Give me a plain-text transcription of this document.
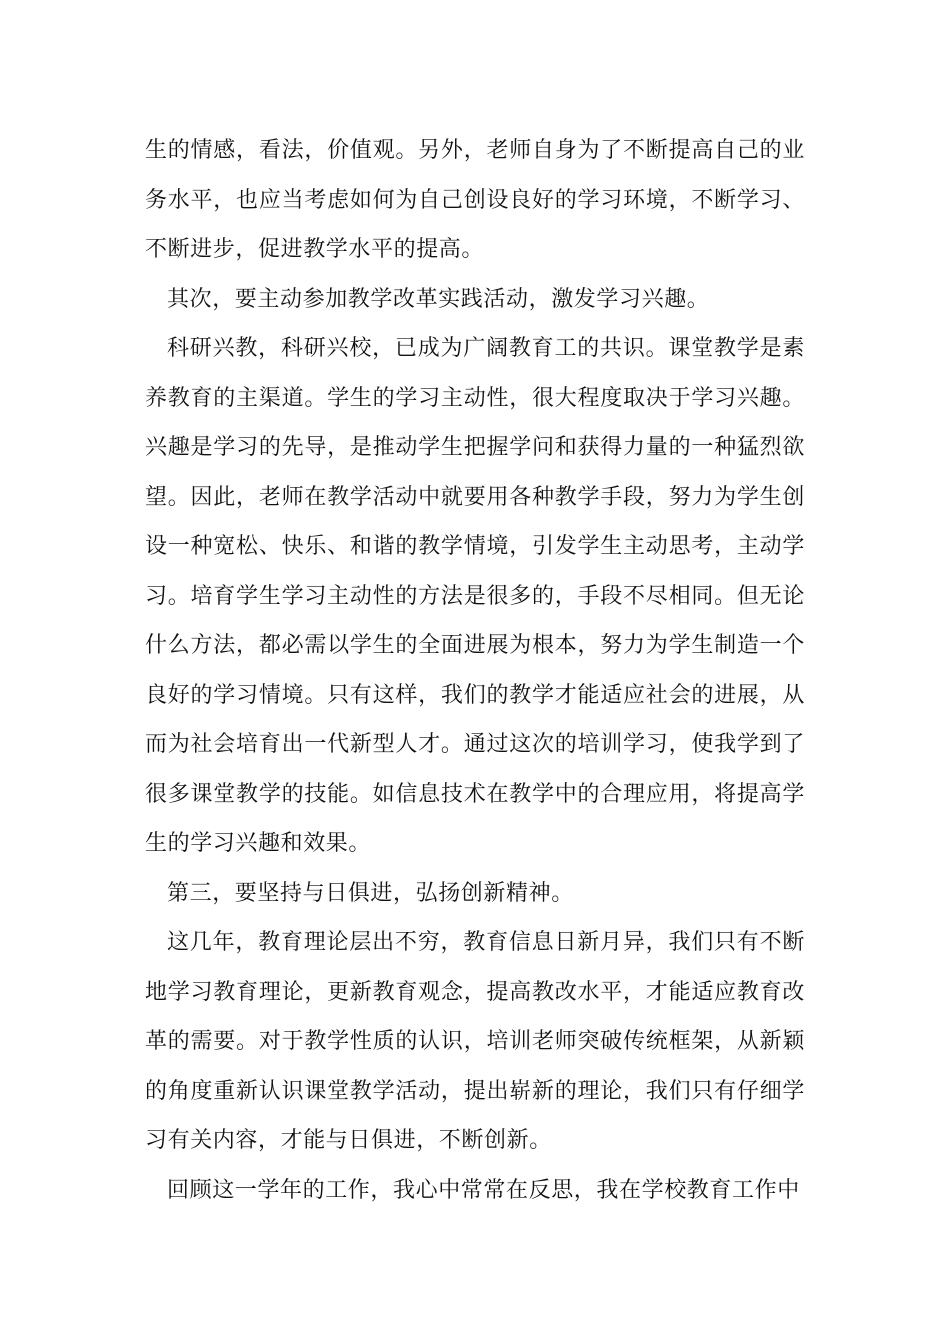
生的情感，看法，价值观。另外，老师自身为了不断提高自己的业务水平，也应当考虑如何为自己创设良好的学习环境，不断学习、不断进步，促进教学水平的提高。

其次，要主动参加教学改革实践活动，激发学习兴趣。

科研兴教，科研兴校，已成为广阔教育工的共识。课堂教学是素养教育的主渠道。学生的学习主动性，很大程度取决于学习兴趣。兴趣是学习的先导，是推动学生把握学问和获得力量的一种猛烈欲望。因此，老师在教学活动中就要用各种教学手段，努力为学生创设一种宽松、快乐、和谐的教学情境，引发学生主动思考，主动学习。培育学生学习主动性的方法是很多的，手段不尽相同。但无论什么方法，都必需以学生的全面进展为根本，努力为学生制造一个良好的学习情境。只有这样，我们的教学才能适应社会的进展，从而为社会培育出一代新型人才。通过这次的培训学习，使我学到了很多课堂教学的技能。如信息技术在教学中的合理应用，将提高学生的学习兴趣和效果。

第三，要坚持与日俱进，弘扬创新精神。

这几年，教育理论层出不穷，教育信息日新月异，我们只有不断地学习教育理论，更新教育观念，提高教改水平，才能适应教育改革的需要。对于教学性质的认识，培训老师突破传统框架，从新颖的角度重新认识课堂教学活动，提出崭新的理论，我们只有仔细学习有关内容，才能与日俱进，不断创新。

回顾这一学年的工作，我心中常常在反思，我在学校教育工作中
